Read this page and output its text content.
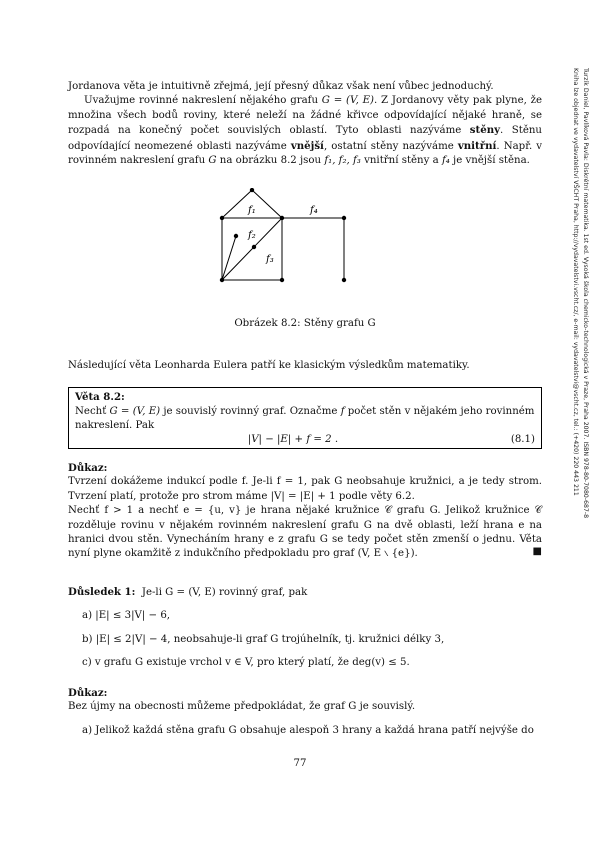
Turzík Daniel, Pavlíková Pavla: Diskrétní matematika. 1st ed. Vysoká škola chemicko-technologická v Praze, Praha 2007. ISBN 978-80-7080-687-8
Kniha lze objednat ve vydavatelství VŠCHT Praha, http://vydavatelstvi.vscht.cz/, e-mail: vydavatelstvi@vscht.cz, tel.: (+420) 220 443 211

Jordanova věta je intuitivně zřejmá, její přesný důkaz však není vůbec jednoduchý.

Uvažujme rovinné nakreslení nějakého grafu G = (V, E). Z Jordanovy věty pak plyne, že množina všech bodů roviny, které neleží na žádné křivce odpovídající nějaké hraně, se rozpadá na konečný počet souvislých oblastí. Tyto oblasti nazýváme stěny. Stěnu odpovídající neomezené oblasti nazýváme vnější, ostatní stěny nazýváme vnitřní. Např. v rovinném nakreslení grafu G na obrázku 8.2 jsou f₁, f₂, f₃ vnitřní stěny a f₄ je vnější stěna.

f₁
f₂
f₃
f₄
Obrázek 8.2: Stěny grafu G

Následující věta Leonharda Eulera patří ke klasickým výsledkům matematiky.

Věta 8.2:
Nechť G = (V, E) je souvislý rovinný graf. Označme f počet stěn v nějakém jeho rovinném nakreslení. Pak
|V| − |E| + f = 2 .	(8.1)

Důkaz:

Tvrzení dokážeme indukcí podle f. Je-li f = 1, pak G neobsahuje kružnici, a je tedy strom. Tvrzení platí, protože pro strom máme |V| = |E| + 1 podle věty 6.2.

Nechť f > 1 a nechť e = {u, v} je hrana nějaké kružnice 𝒞 grafu G. Jelikož kružnice 𝒞 rozděluje rovinu v nějakém rovinném nakreslení grafu G na dvě oblasti, leží hrana e na hranici dvou stěn. Vynecháním hrany e z grafu G se tedy počet stěn zmenší o jednu. Věta nyní plyne okamžitě z indukčního předpokladu pro graf (V, E ∖ {e}).	■

Důsledek 1: Je-li G = (V, E) rovinný graf, pak

a) |E| ≤ 3|V| − 6,

b) |E| ≤ 2|V| − 4, neobsahuje-li graf G trojúhelník, tj. kružnici délky 3,

c) v grafu G existuje vrchol v ∈ V, pro který platí, že deg(v) ≤ 5.

Důkaz:

Bez újmy na obecnosti můžeme předpokládat, že graf G je souvislý.

a) Jelikož každá stěna grafu G obsahuje alespoň 3 hrany a každá hrana patří nejvýše do

77
